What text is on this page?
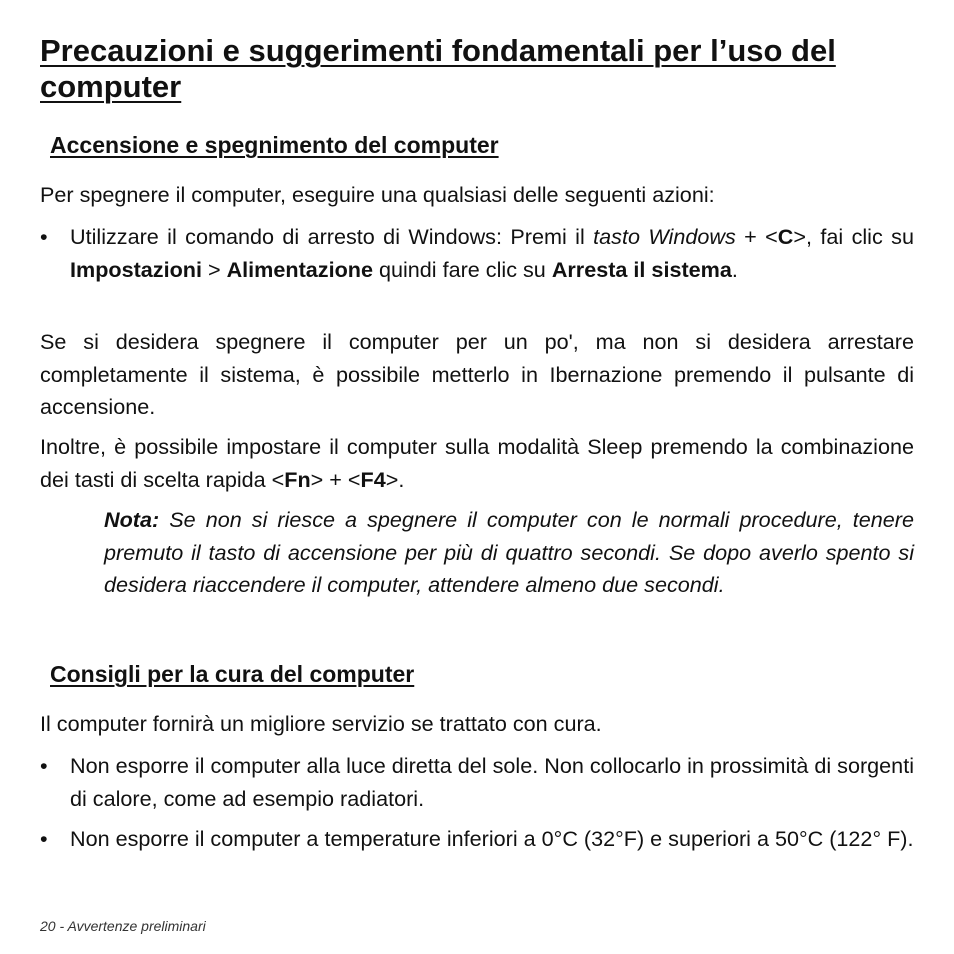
Precauzioni e suggerimenti fondamentali per l’uso del computer
Accensione e spegnimento del computer

Per spegnere il computer, eseguire una qualsiasi delle seguenti azioni:

• Utilizzare il comando di arresto di Windows: Premi il tasto Windows + <C>, fai clic su Impostazioni > Alimentazione quindi fare clic su Arresta il sistema.

Se si desidera spegnere il computer per un po', ma non si desidera arrestare completamente il sistema, è possibile metterlo in Ibernazione premendo il pulsante di accensione.

Inoltre, è possibile impostare il computer sulla modalità Sleep premendo la combinazione dei tasti di scelta rapida <Fn> + <F4>.

Nota: Se non si riesce a spegnere il computer con le normali procedure, tenere premuto il tasto di accensione per più di quattro secondi. Se dopo averlo spento si desidera riaccendere il computer, attendere almeno due secondi.

Consigli per la cura del computer

Il computer fornirà un migliore servizio se trattato con cura.

• Non esporre il computer alla luce diretta del sole. Non collocarlo in prossimità di sorgenti di calore, come ad esempio radiatori.
• Non esporre il computer a temperature inferiori a 0°C (32°F) e superiori a 50°C (122° F).
20 - Avvertenze preliminari
